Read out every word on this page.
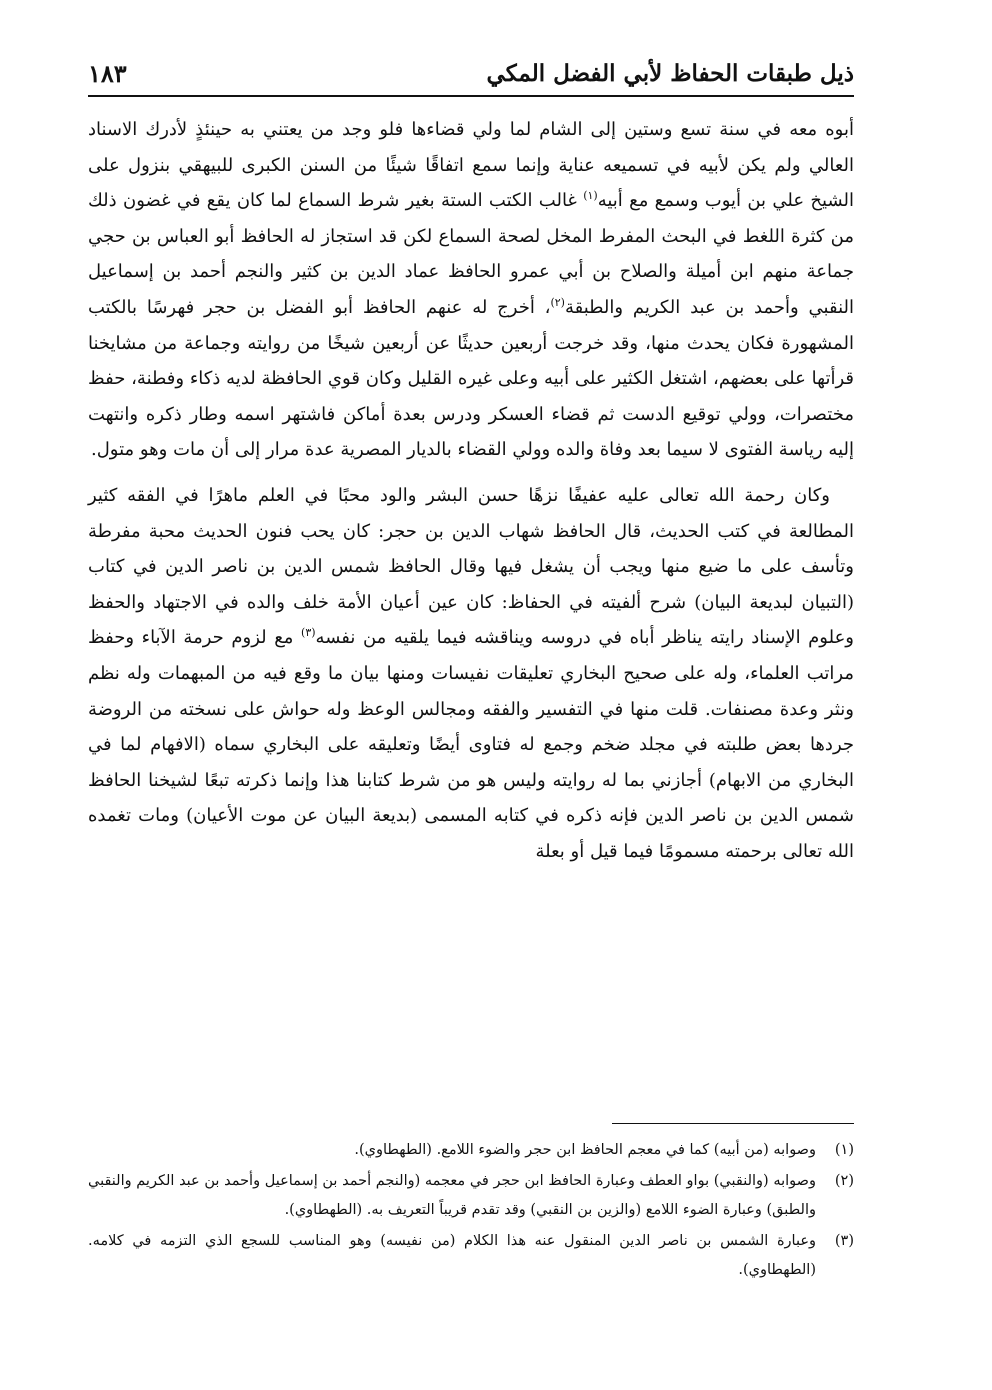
ذيل طبقات الحفاظ لأبي الفضل المكي
١٨٣

أبوه معه في سنة تسع وستين إلى الشام لما ولي قضاءها فلو وجد من يعتني به حينئذٍ لأدرك الاسناد العالي ولم يكن لأبيه في تسميعه عناية وإنما سمع اتفاقًا شيئًا من السنن الكبرى للبيهقي بنزول على الشيخ علي بن أيوب وسمع مع أبيه$^{(١)}$ غالب الكتب الستة بغير شرط السماع لما كان يقع في غضون ذلك من كثرة اللغط في البحث المفرط المخل لصحة السماع لكن قد استجاز له الحافظ أبو العباس بن حجي جماعة منهم ابن أميلة والصلاح بن أبي عمرو الحافظ عماد الدين بن كثير والنجم أحمد بن إسماعيل النقبي وأحمد بن عبد الكريم والطبقة$^{(٢)}$، أخرج له عنهم الحافظ أبو الفضل بن حجر فهرسًا بالكتب المشهورة فكان يحدث منها، وقد خرجت أربعين حديثًا عن أربعين شيخًا من روايته وجماعة من مشايخنا قرأتها على بعضهم، اشتغل الكثير على أبيه وعلى غيره القليل وكان قوي الحافظة لديه ذكاء وفطنة، حفظ مختصرات، وولي توقيع الدست ثم قضاء العسكر ودرس بعدة أماكن فاشتهر اسمه وطار ذكره وانتهت إليه رياسة الفتوى لا سيما بعد وفاة والده وولي القضاء بالديار المصرية عدة مرار إلى أن مات وهو متول.

وكان رحمة الله تعالى عليه عفيفًا نزهًا حسن البشر والود محبًا في العلم ماهرًا في الفقه كثير المطالعة في كتب الحديث، قال الحافظ شهاب الدين بن حجر: كان يحب فنون الحديث محبة مفرطة وتأسف على ما ضيع منها ويجب أن يشغل فيها وقال الحافظ شمس الدين بن ناصر الدين في كتاب (التبيان لبديعة البيان) شرح ألفيته في الحفاظ: كان عين أعيان الأمة خلف والده في الاجتهاد والحفظ وعلوم الإسناد رايته يناظر أباه في دروسه ويناقشه فيما يلقيه من نفسه$^{(٣)}$ مع لزوم حرمة الآباء وحفظ مراتب العلماء، وله على صحيح البخاري تعليقات نفيسات ومنها بيان ما وقع فيه من المبهمات وله نظم ونثر وعدة مصنفات. قلت منها في التفسير والفقه ومجالس الوعظ وله حواش على نسخته من الروضة جردها بعض طلبته في مجلد ضخم وجمع له فتاوى أيضًا وتعليقه على البخاري سماه (الافهام لما في البخاري من الابهام) أجازني بما له روايته وليس هو من شرط كتابنا هذا وإنما ذكرته تبعًا لشيخنا الحافظ شمس الدين بن ناصر الدين فإنه ذكره في كتابه المسمى (بديعة البيان عن موت الأعيان) ومات تغمده الله تعالى برحمته مسمومًا فيما قيل أو بعلة

(١)
وصوابه (من أبيه) كما في معجم الحافظ ابن حجر والضوء اللامع. (الطهطاوي).
(٢)
وصوابه (والنقبي) بواو العطف وعبارة الحافظ ابن حجر في معجمه (والنجم أحمد بن إسماعيل وأحمد بن عبد الكريم والنقبي والطبق) وعبارة الضوء اللامع (والزين بن النقبي) وقد تقدم قريباً التعريف به. (الطهطاوي).
(٣)
وعبارة الشمس بن ناصر الدين المنقول عنه هذا الكلام (من نفيسه) وهو المناسب للسجع الذي التزمه في كلامه. (الطهطاوي).
